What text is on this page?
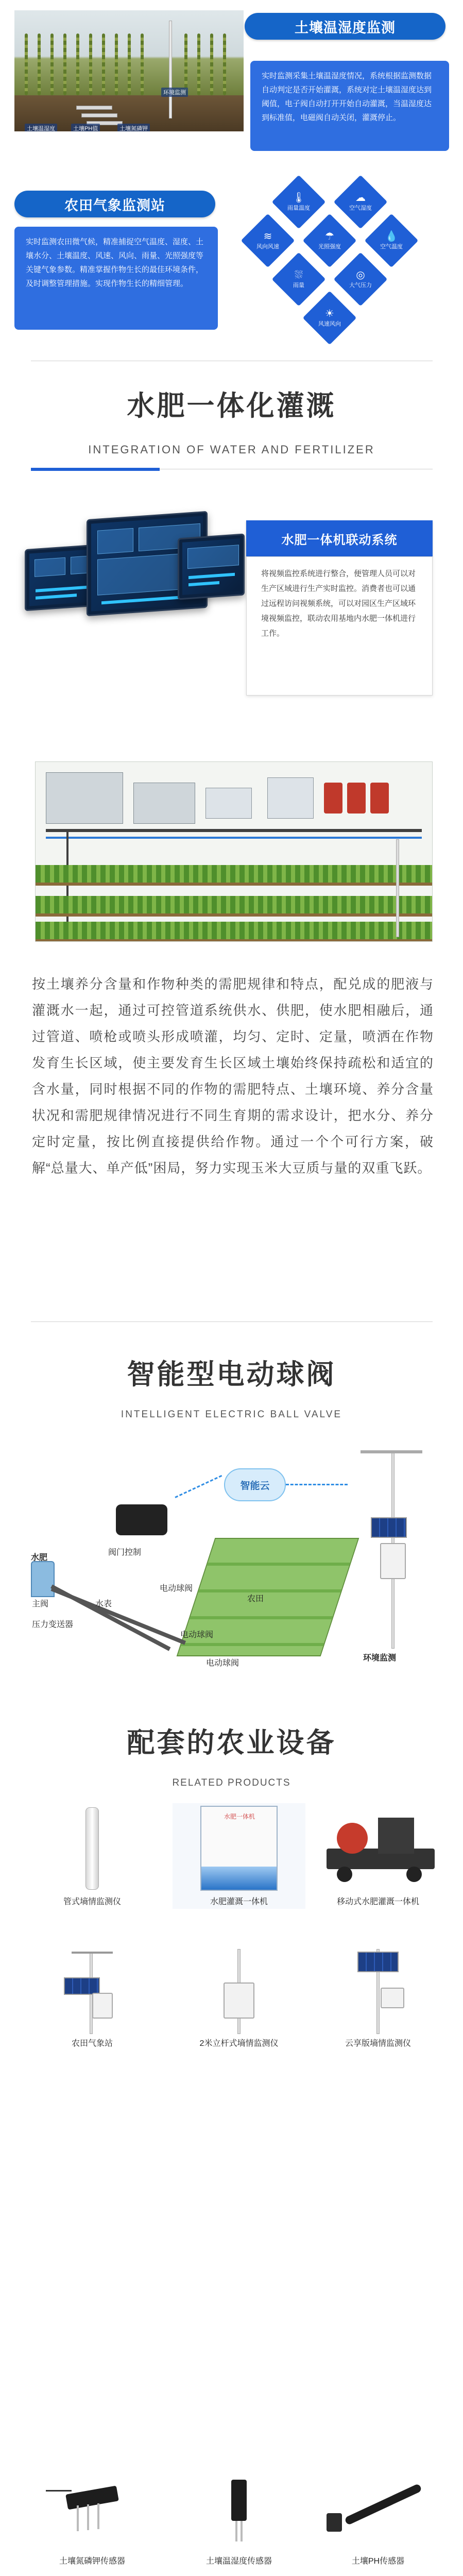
环境监测
土壤温湿度	土壤PH值	土壤氮磷钾
土壤温湿度监测
实时监测采集土壤温湿度情况，系统根据监测数据自动判定是否开始灌溉，系统对定土壤温湿度达到阈值，电子阀自动打开开始自动灌溉，当温湿度达到标准值，电磁阀自动关闭，灌溉停止。
农田气象监测站
实时监测农田微气候，精准捕捉空气温度、湿度、土壤水分、土壤温度、风速、风向、雨量、光照强度等关键气象参数。精准掌握作物生长的最佳环境条件，及时调整管理措施。实现作物生长的精细管理。
🌡
雨量温度
☁
空气湿度
≋
风向风速
☂
光照强度
💧
空气温度
⛆
雨量
◎
大气压力
☀
风速风向
水肥一体化灌溉
INTEGRATION OF WATER AND FERTILIZER
水肥一体机联动系统
将视频监控系统进行整合，便管理人员可以对生产区域进行生产实时监控。消费者也可以通过远程访问视频系统，可以对园区生产区域环境视频监控，联动农用基地内水肥一体机进行工作。
按土壤养分含量和作物种类的需肥规律和特点，配兑成的肥液与灌溉水一起，通过可控管道系统供水、供肥，使水肥相融后，通过管道、喷枪或喷头形成喷灌，均匀、定时、定量，喷洒在作物发育生长区域，使主要发育生长区域土壤始终保持疏松和适宜的含水量，同时根据不同的作物的需肥特点、土壤环境、养分含量状况和需肥规律情况进行不同生育期的需求设计，把水分、养分定时定量，按比例直接提供给作物。通过一个个可行方案，破解“总量大、单产低”困局，努力实现玉米大豆质与量的双重飞跃。
智能型电动球阀
INTELLIGENT ELECTRIC BALL VALVE
智能云
水肥
主阀
压力变送器
阀门控制
水表
电动球阀
电动球阀
电动球阀
农田
环境监测
配套的农业设备
RELATED PRODUCTS
管式墒情监测仪
水肥一体机
水肥灌溉一体机	移动式水肥灌溉一体机
农田气象站	2米立杆式墒情监测仪	云享版墒情监测仪
土壤氮磷钾传感器	土壤温湿度传感器	土壤PH传感器
